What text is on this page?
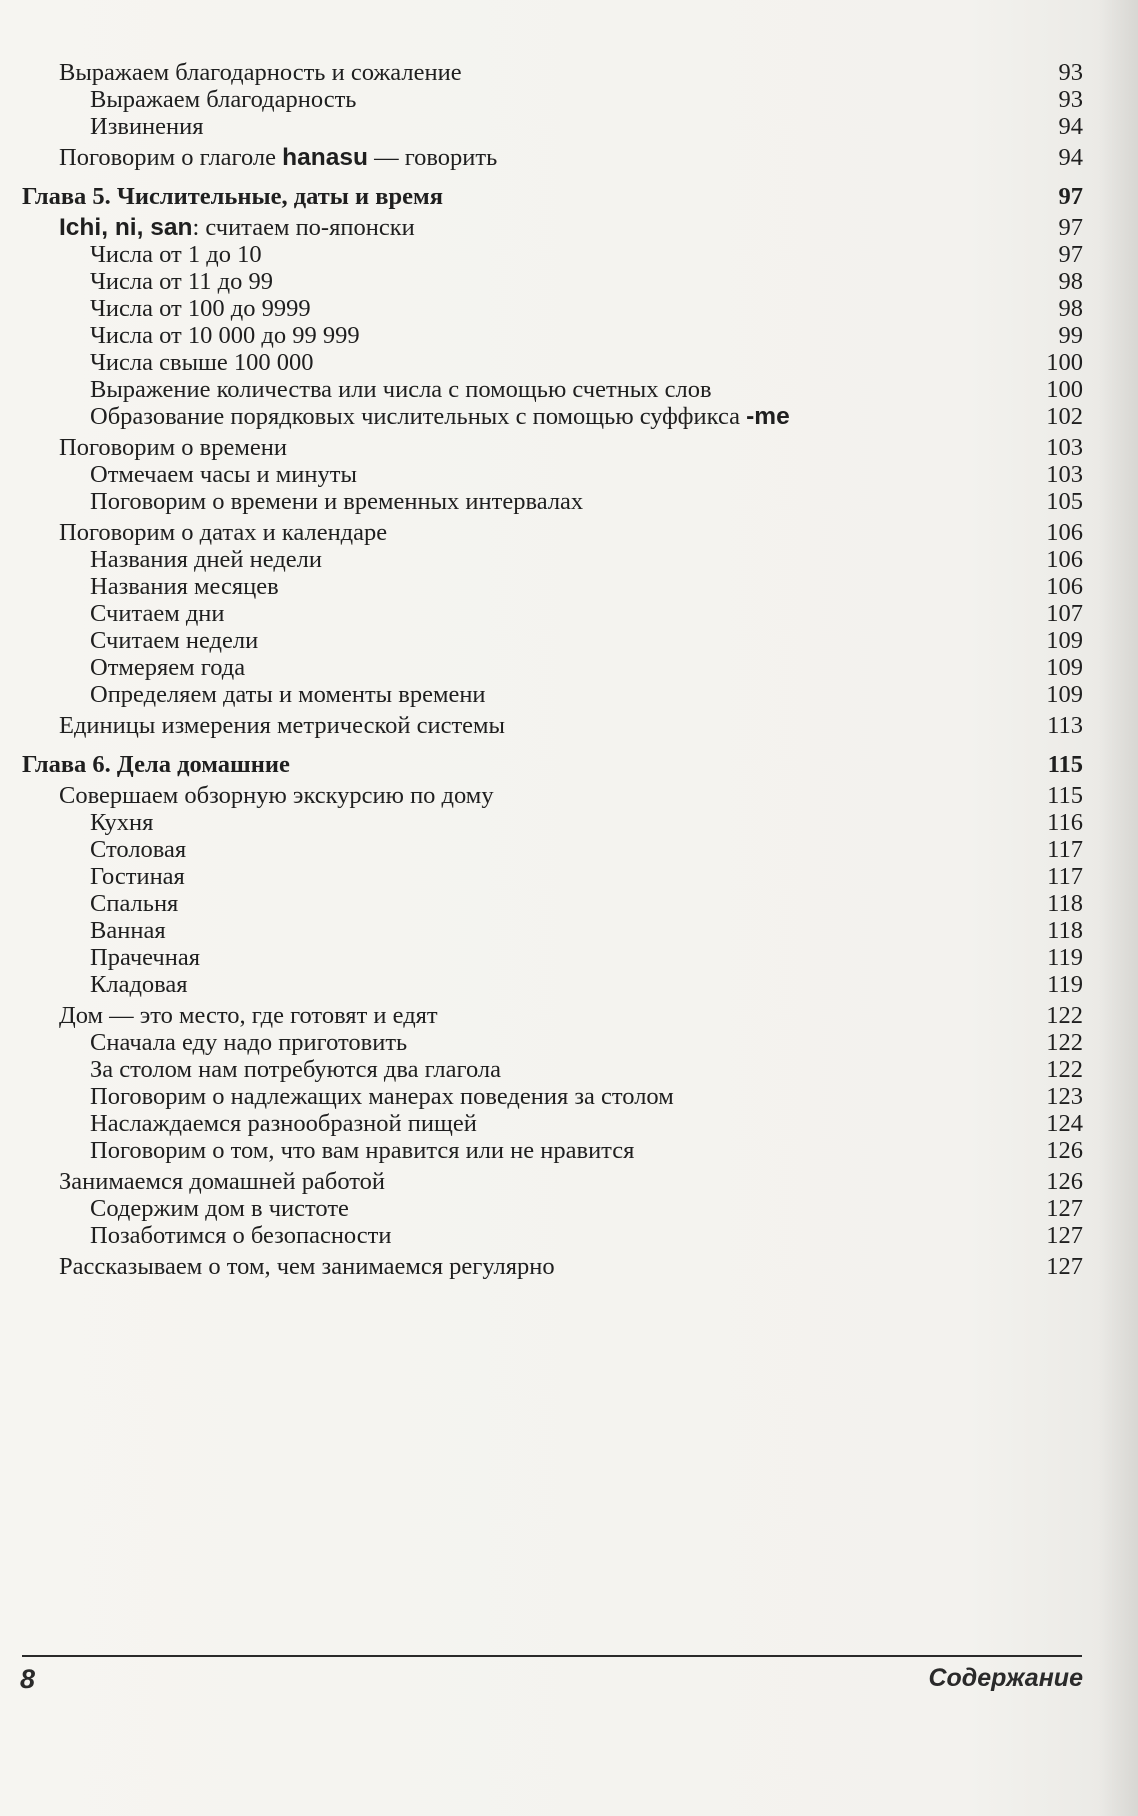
Выражаем благодарность и сожаление	93
Выражаем благодарность	93
Извинения	94
Поговорим о глаголе hanasu — говорить	94
Глава 5. Числительные, даты и время	97
Ichi, ni, san: считаем по-японски	97
Числа от 1 до 10	97
Числа от 11 до 99	98
Числа от 100 до 9999	98
Числа от 10 000 до 99 999	99
Числа свыше 100 000	100
Выражение количества или числа с помощью счетных слов	100
Образование порядковых числительных с помощью суффикса -me	102
Поговорим о времени	103
Отмечаем часы и минуты	103
Поговорим о времени и временных интервалах	105
Поговорим о датах и календаре	106
Названия дней недели	106
Названия месяцев	106
Считаем дни	107
Считаем недели	109
Отмеряем года	109
Определяем даты и моменты времени	109
Единицы измерения метрической системы	113
Глава 6. Дела домашние	115
Совершаем обзорную экскурсию по дому	115
Кухня	116
Столовая	117
Гостиная	117
Спальня	118
Ванная	118
Прачечная	119
Кладовая	119
Дом — это место, где готовят и едят	122
Сначала еду надо приготовить	122
За столом нам потребуются два глагола	122
Поговорим о надлежащих манерах поведения за столом	123
Наслаждаемся разнообразной пищей	124
Поговорим о том, что вам нравится или не нравится	126
Занимаемся домашней работой	126
Содержим дом в чистоте	127
Позаботимся о безопасности	127
Рассказываем о том, чем занимаемся регулярно	127
8	Содержание
